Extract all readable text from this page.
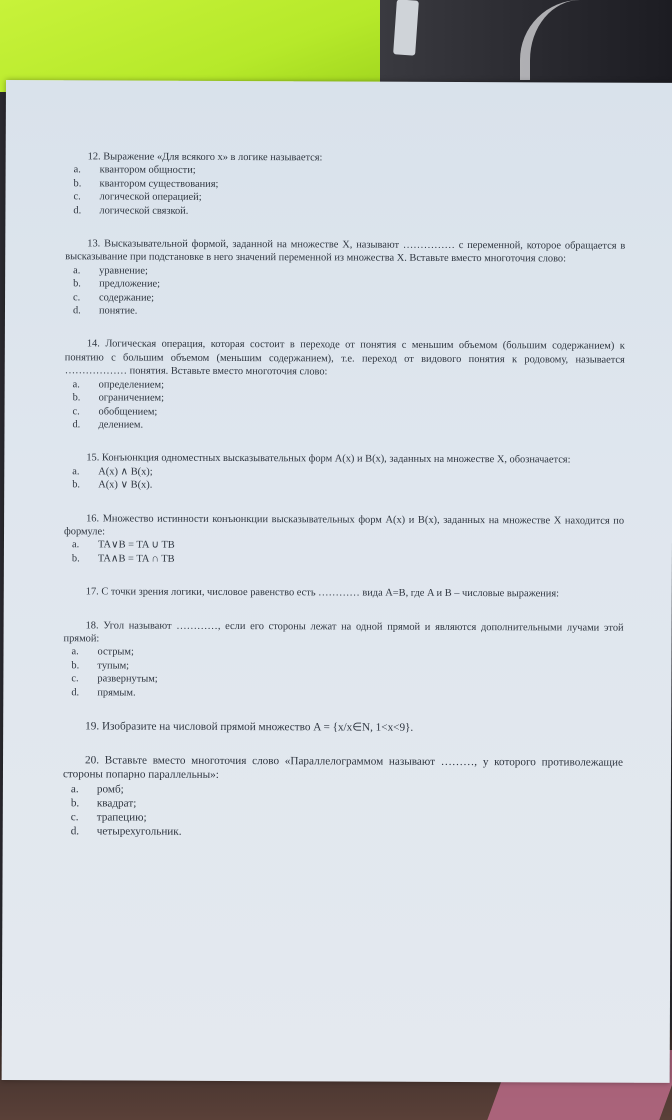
12. Выражение «Для всякого x» в логике называется:
a.	квантором общности;
b.	квантором существования;
c.	логической операцией;
d.	логической связкой.
13. Высказывательной формой, заданной на множестве X, называют …………… с переменной, которое обращается в высказывание при подстановке в него значений переменной из множества X. Вставьте вместо многоточия слово:
a.	уравнение;
b.	предложение;
c.	содержание;
d.	понятие.
14. Логическая операция, которая состоит в переходе от понятия с меньшим объемом (большим содержанием) к понятию с большим объемом (меньшим содержанием), т.е. переход от видового понятия к родовому, называется ……………… понятия. Вставьте вместо многоточия слово:
a.	определением;
b.	ограничением;
c.	обобщением;
d.	делением.
15. Конъюнкция одноместных высказывательных форм A(x) и B(x), заданных на множестве X, обозначается:
a.	A(x) ∧ B(x);
b.	A(x) ∨ B(x).
16. Множество истинности конъюнкции высказывательных форм A(x) и B(x), заданных на множестве X находится по формуле:
a.	TA∨B = TA ∪ TB
b.	TA∧B = TA ∩ TB
17. С точки зрения логики, числовое равенство есть ………… вида A=B, где A и B – числовые выражения:
18. Угол называют …………, если его стороны лежат на одной прямой и являются дополнительными лучами этой прямой:
a.	острым;
b.	тупым;
c.	развернутым;
d.	прямым.
19. Изобразите на числовой прямой множество A = {x/x∈N, 1<x<9}.
20. Вставьте вместо многоточия слово «Параллелограммом называют ………, у которого противолежащие стороны попарно параллельны»:
a.	ромб;
b.	квадрат;
c.	трапецию;
d.	четырехугольник.
